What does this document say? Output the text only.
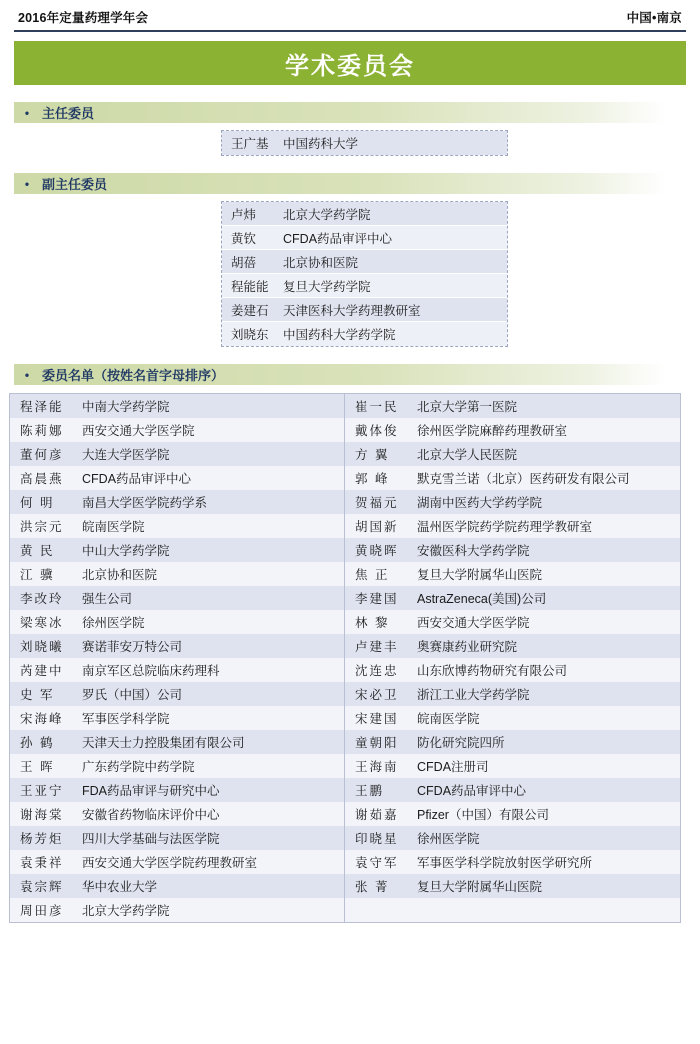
2016年定量药理学年会	中国•南京
学术委员会
• 主任委员
王广基	中国药科大学
• 副主任委员
卢炜	北京大学药学院
黄钦	CFDA药品审评中心
胡蓓	北京协和医院
程能能	复旦大学药学院
姜建石	天津医科大学药理教研室
刘晓东	中国药科大学药学院
• 委员名单（按姓名首字母排序）
程泽能	中南大学药学院	崔一民	北京大学第一医院
陈莉娜	西安交通大学医学院	戴体俊	徐州医学院麻醉药理教研室
董何彦	大连大学医学院	方 翼	北京大学人民医院
高晨燕	CFDA药品审评中心	郭 峰	默克雪兰诺（北京）医药研发有限公司
何 明	南昌大学医学院药学系	贺福元	湖南中医药大学药学院
洪宗元	皖南医学院	胡国新	温州医学院药学院药理学教研室
黄 民	中山大学药学院	黄晓晖	安徽医科大学药学院
江 骥	北京协和医院	焦 正	复旦大学附属华山医院
李改玲	强生公司	李建国	AstraZeneca(美国)公司
梁寒冰	徐州医学院	林 黎	西安交通大学医学院
刘晓曦	赛诺菲安万特公司	卢建丰	奥赛康药业研究院
芮建中	南京军区总院临床药理科	沈连忠	山东欣博药物研究有限公司
史 军	罗氏（中国）公司	宋必卫	浙江工业大学药学院
宋海峰	军事医学科学院	宋建国	皖南医学院
孙 鹤	天津天士力控股集团有限公司	童朝阳	防化研究院四所
王 晖	广东药学院中药学院	王海南	CFDA注册司
王亚宁	FDA药品审评与研究中心	王鹏	CFDA药品审评中心
谢海棠	安徽省药物临床评价中心	谢茹嘉	Pfizer（中国）有限公司
杨芳炬	四川大学基础与法医学院	印晓星	徐州医学院
袁秉祥	西安交通大学医学院药理教研室	袁守军	军事医学科学院放射医学研究所
袁宗辉	华中农业大学	张 菁	复旦大学附属华山医院
周田彦	北京大学药学院
